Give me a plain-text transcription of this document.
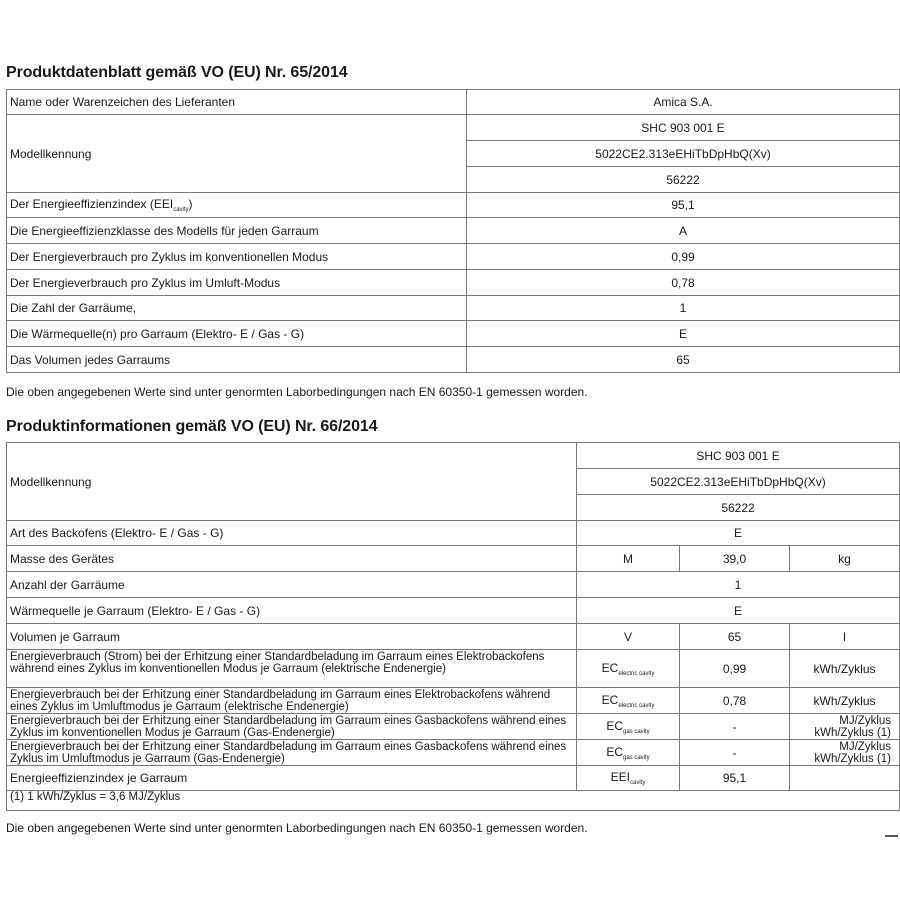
Produktdatenblatt gemäß VO (EU) Nr. 65/2014
Name oder Warenzeichen des Lieferanten	Amica S.A.
Modellkennung	SHC 903 001 E
	5022CE2.313eEHiTbDpHbQ(Xv)
	56222
Der Energieeffizienzindex $(EEI_{cavity})$	95,1
Die Energieeffizienzklasse des Modells für jeden Garraum	A
Der Energieverbrauch pro Zyklus im konventionellen Modus	0,99
Der Energieverbrauch pro Zyklus im Umluft-Modus	0,78
Die Zahl der Garräume,	1
Die Wärmequelle(n) pro Garraum (Elektro- E / Gas - G)	E
Das Volumen jedes Garraums	65
Die oben angegebenen Werte sind unter genormten Laborbedingungen nach EN 60350-1 gemessen worden.
Produktinformationen gemäß VO (EU) Nr. 66/2014
Modellkennung	SHC 903 001 E		
	5022CE2.313eEHiTbDpHbQ(Xv)		
	56222		
Art des Backofens (Elektro- E / Gas - G)	E		
Masse des Gerätes	M	39,0	kg
Anzahl der Garräume	1		
Wärmequelle je Garraum (Elektro- E / Gas - G)	E		
Volumen je Garraum	V	65	l
Energieverbrauch (Strom) bei der Erhitzung einer Standardbeladung im Garraum eines Elektrobackofens während eines Zyklus im konventionellen Modus je Garraum (elektrische Endenergie)	$EC_{electric cavity}$	0,99	kWh/Zyklus
Energieverbrauch bei der Erhitzung einer Standardbeladung im Garraum eines Elektrobackofens während eines Zyklus im Umluftmodus je Garraum (elektrische Endenergie)	$EC_{electric cavity}$	0,78	kWh/Zyklus
Energieverbrauch bei der Erhitzung einer Standardbeladung im Garraum eines Gasbackofens während eines Zyklus im konventionellen Modus je Garraum (Gas-Endenergie)	$EC_{gas cavity}$	-	MJ/Zyklus kWh/Zyklus (1)
Energieverbrauch bei der Erhitzung einer Standardbeladung im Garraum eines Gasbackofens während eines Zyklus im Umluftmodus je Garraum (Gas-Endenergie)	$EC_{gas cavity}$	-	MJ/Zyklus kWh/Zyklus (1)
Energieeffizienzindex je Garraum	$EEI_{cavity}$	95,1	
(1) 1 kWh/Zyklus = 3,6 MJ/Zyklus			
Die oben angegebenen Werte sind unter genormten Laborbedingungen nach EN 60350-1 gemessen worden.
